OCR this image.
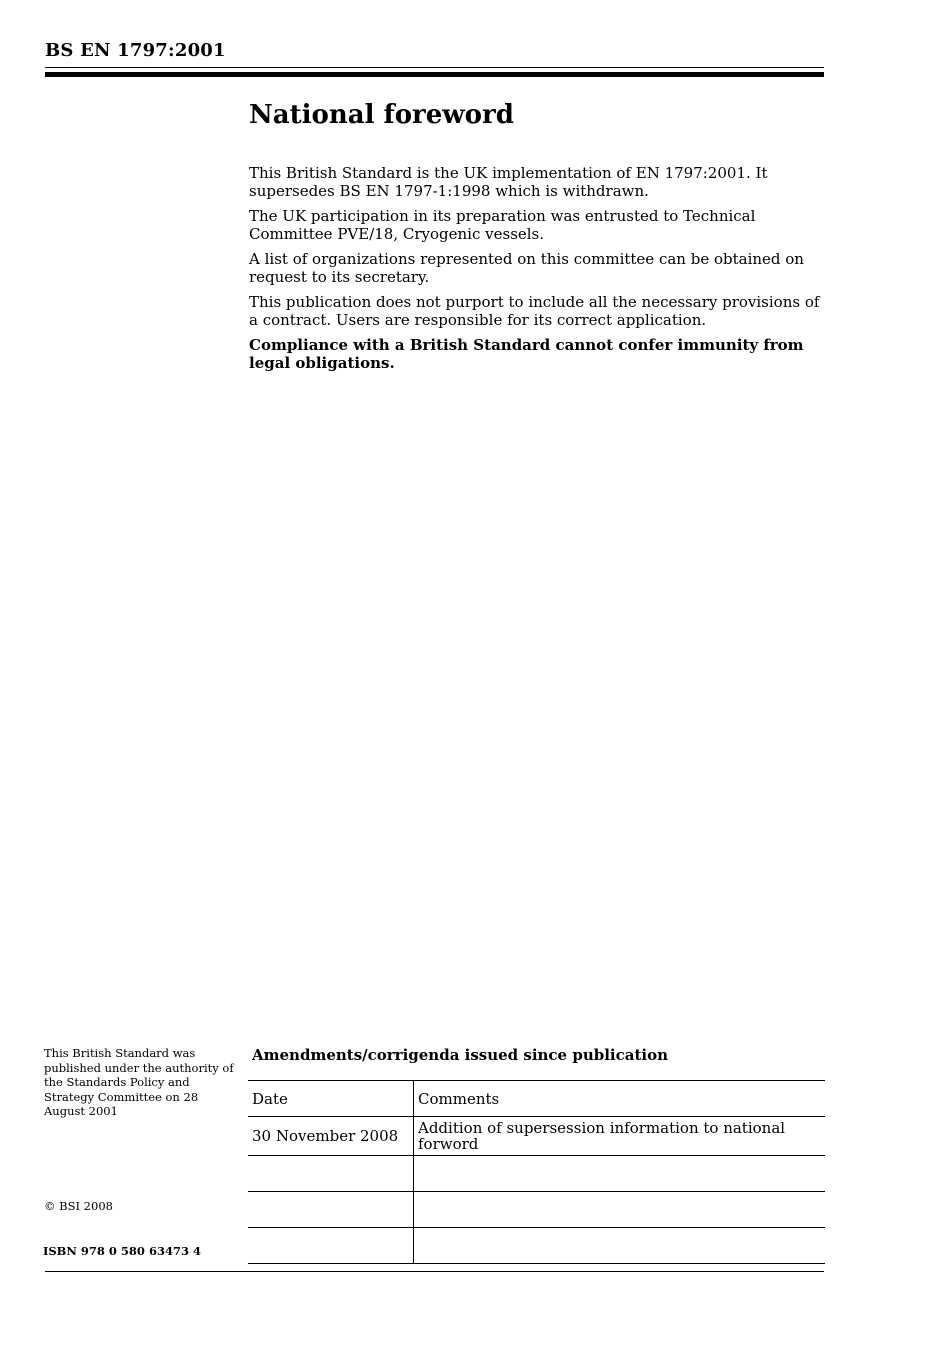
BS EN 1797:2001
National foreword

This British Standard is the UK implementation of EN 1797:2001. It supersedes BS EN 1797-1:1998 which is withdrawn.

The UK participation in its preparation was entrusted to Technical Committee PVE/18, Cryogenic vessels.

A list of organizations represented on this committee can be obtained on request to its secretary.

This publication does not purport to include all the necessary provisions of a contract. Users are responsible for its correct application.

Compliance with a British Standard cannot confer immunity from legal obligations.

This British Standard was published under the authority of the Standards Policy and Strategy Committee on 28 August 2001
© BSI 2008
ISBN 978 0 580 63473 4
Amendments/corrigenda issued since publication
Date	Comments
30 November 2008	Addition of supersession information to national forword
